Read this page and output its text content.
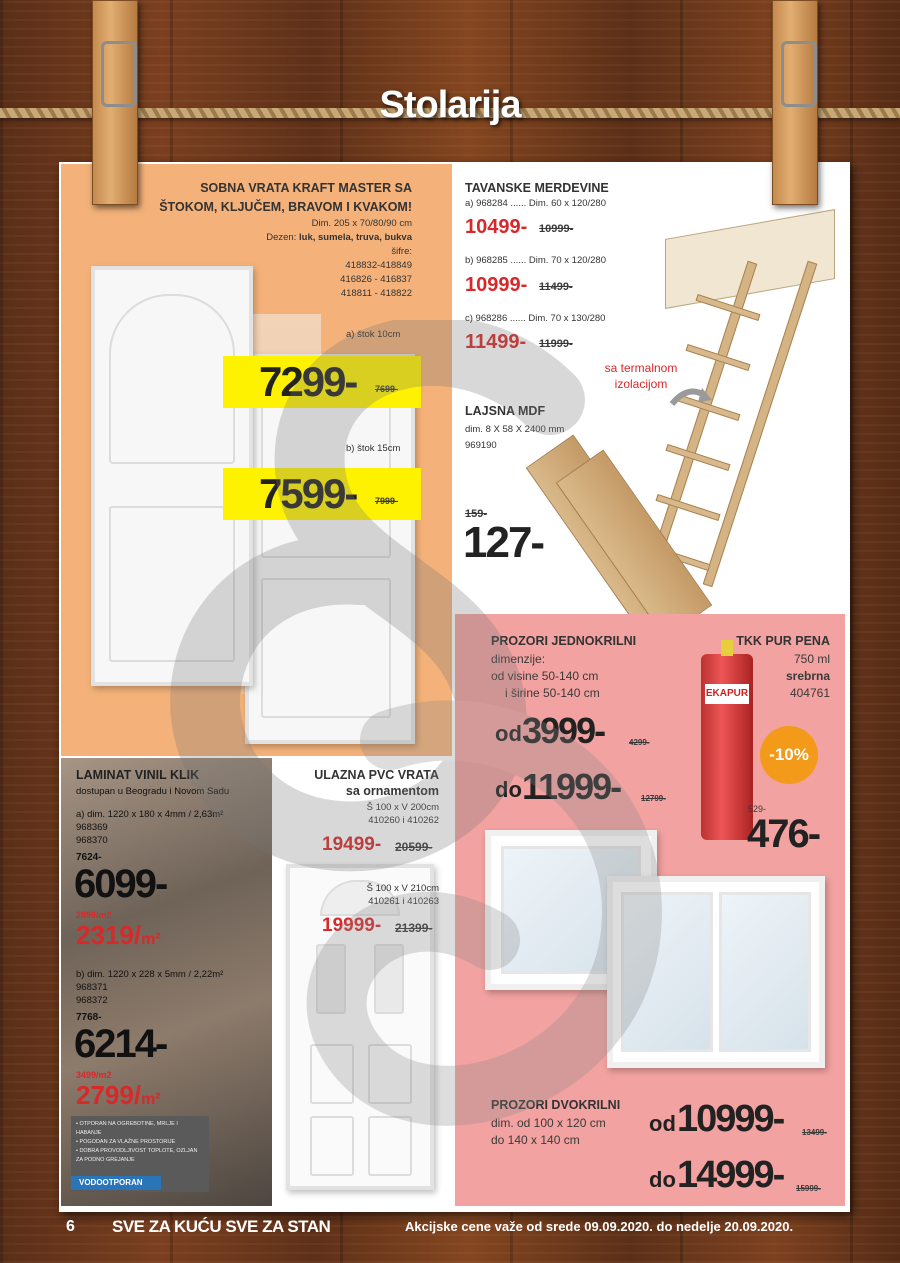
Stolarija
SOBNA VRATA KRAFT MASTER SA
ŠTOKOM, KLJUČEM, BRAVOM I KVAKOM!
Dim. 205 x 70/80/90 cm
Dezen: luk, sumela, truva, bukva
šifre:
418832-418849
416826 - 416837
418811 - 418822
a) štok 10cm
7299- 7699-
b) štok 15cm
7599- 7999-
TAVANSKE MERDEVINE
a) 968284 ...... Dim. 60 x 120/280
10499- 10999-
b) 968285 ...... Dim. 70 x 120/280
10999- 11499-
c) 968286 ...... Dim. 70 x 130/280
11499- 11999-
sa termalnom
izolacijom
LAJSNA MDF
dim. 8 X 58 X 2400 mm
969190
159-
127-
PROZORI JEDNOKRILNI
dimenzije:
od visine 50-140 cm
i širine 50-140 cm
od 3999-	4299-
do 11999-	12799-
TKK PUR PENA
750 ml
srebrna
404761
EKAPUR
-10%
529-
476-
PROZORI DVOKRILNI
dim. od 100 x 120 cm
do 140 x 140 cm
od 10999- 13499-
do 14999- 15999-
LAMINAT VINIL KLIK
dostupan u Beogradu i Novom Sadu
a) dim. 1220 x 180 x 4mm / 2,63m²
968369
968370
7624-
6099-
2899/m2
2319/m²
b) dim. 1220 x 228 x 5mm / 2,22m²
968371
968372
7768-
6214-
3499/m2
2799/m²
• OTPORAN NA OGREBOTINE, MRLJE I HABANJE
• POGODAN ZA VLAŽNE PROSTORIJE
• DOBRA PROVODLJIVOST TOPLOTE, OZLJAN ZA PODNO GREJANJE
VODOOTPORAN
ULAZNA PVC VRATA
sa ornamentom
Š 100 x V 200cm
410260 i 410262
19499- 20599-
Š 100 x V 210cm
410261 i 410263
19999- 21399-
6 SVE ZA KUĆU SVE ZA STAN	Akcijske cene važe od srede 09.09.2020. do nedelje 20.09.2020.
